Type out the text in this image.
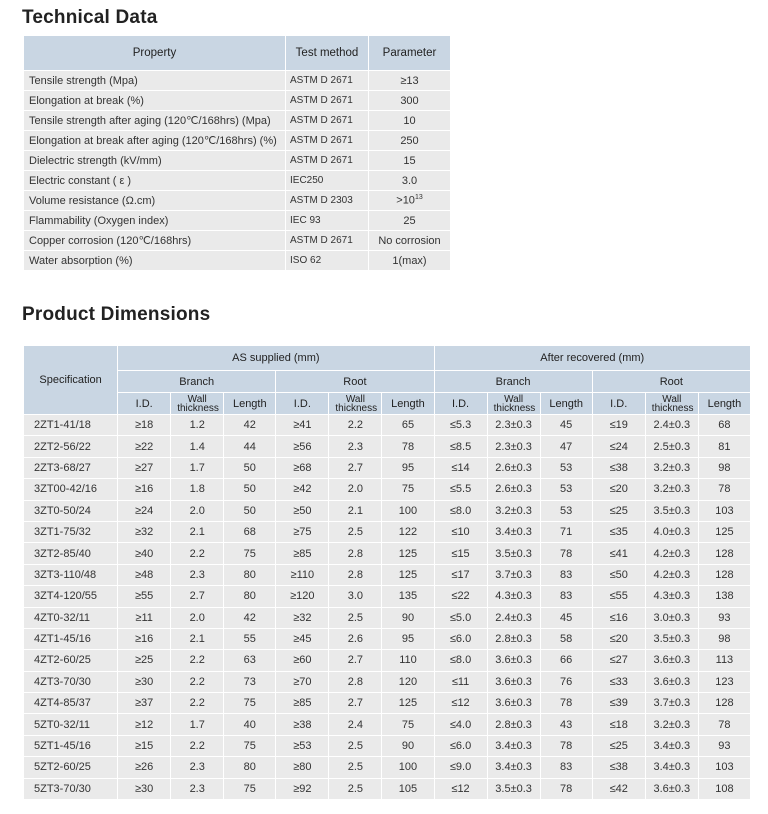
Technical Data
Property	Test method	Parameter
Tensile strength (Mpa)	ASTM D 2671	≥13
Elongation at break (%)	ASTM D 2671	300
Tensile strength after aging (120℃/168hrs) (Mpa)	ASTM D 2671	10
Elongation at break after aging (120℃/168hrs) (%)	ASTM D 2671	250
Dielectric strength (kV/mm)	ASTM D 2671	15
Electric constant ( ε )	IEC250	3.0
Volume resistance (Ω.cm)	ASTM D 2303	$>10^{13}$
Flammability (Oxygen index)	IEC 93	25
Copper corrosion (120℃/168hrs)	ASTM D 2671	No corrosion
Water absorption (%)	ISO 62	1(max)
Product Dimensions
Specification	AS supplied (mm)						After recovered (mm)					
	Branch			Root			Branch			Root		
	I.D.	Wall thickness	Length	I.D.	Wall thickness	Length	I.D.	Wall thickness	Length	I.D.	Wall thickness	Length
2ZT1-41/18	≥18	1.2	42	≥41	2.2	65	≤5.3	2.3±0.3	45	≤19	2.4±0.3	68
2ZT2-56/22	≥22	1.4	44	≥56	2.3	78	≤8.5	2.3±0.3	47	≤24	2.5±0.3	81
2ZT3-68/27	≥27	1.7	50	≥68	2.7	95	≤14	2.6±0.3	53	≤38	3.2±0.3	98
3ZT00-42/16	≥16	1.8	50	≥42	2.0	75	≤5.5	2.6±0.3	53	≤20	3.2±0.3	78
3ZT0-50/24	≥24	2.0	50	≥50	2.1	100	≤8.0	3.2±0.3	53	≤25	3.5±0.3	103
3ZT1-75/32	≥32	2.1	68	≥75	2.5	122	≤10	3.4±0.3	71	≤35	4.0±0.3	125
3ZT2-85/40	≥40	2.2	75	≥85	2.8	125	≤15	3.5±0.3	78	≤41	4.2±0.3	128
3ZT3-110/48	≥48	2.3	80	≥110	2.8	125	≤17	3.7±0.3	83	≤50	4.2±0.3	128
3ZT4-120/55	≥55	2.7	80	≥120	3.0	135	≤22	4.3±0.3	83	≤55	4.3±0.3	138
4ZT0-32/11	≥11	2.0	42	≥32	2.5	90	≤5.0	2.4±0.3	45	≤16	3.0±0.3	93
4ZT1-45/16	≥16	2.1	55	≥45	2.6	95	≤6.0	2.8±0.3	58	≤20	3.5±0.3	98
4ZT2-60/25	≥25	2.2	63	≥60	2.7	110	≤8.0	3.6±0.3	66	≤27	3.6±0.3	113
4ZT3-70/30	≥30	2.2	73	≥70	2.8	120	≤11	3.6±0.3	76	≤33	3.6±0.3	123
4ZT4-85/37	≥37	2.2	75	≥85	2.7	125	≤12	3.6±0.3	78	≤39	3.7±0.3	128
5ZT0-32/11	≥12	1.7	40	≥38	2.4	75	≤4.0	2.8±0.3	43	≤18	3.2±0.3	78
5ZT1-45/16	≥15	2.2	75	≥53	2.5	90	≤6.0	3.4±0.3	78	≤25	3.4±0.3	93
5ZT2-60/25	≥26	2.3	80	≥80	2.5	100	≤9.0	3.4±0.3	83	≤38	3.4±0.3	103
5ZT3-70/30	≥30	2.3	75	≥92	2.5	105	≤12	3.5±0.3	78	≤42	3.6±0.3	108
